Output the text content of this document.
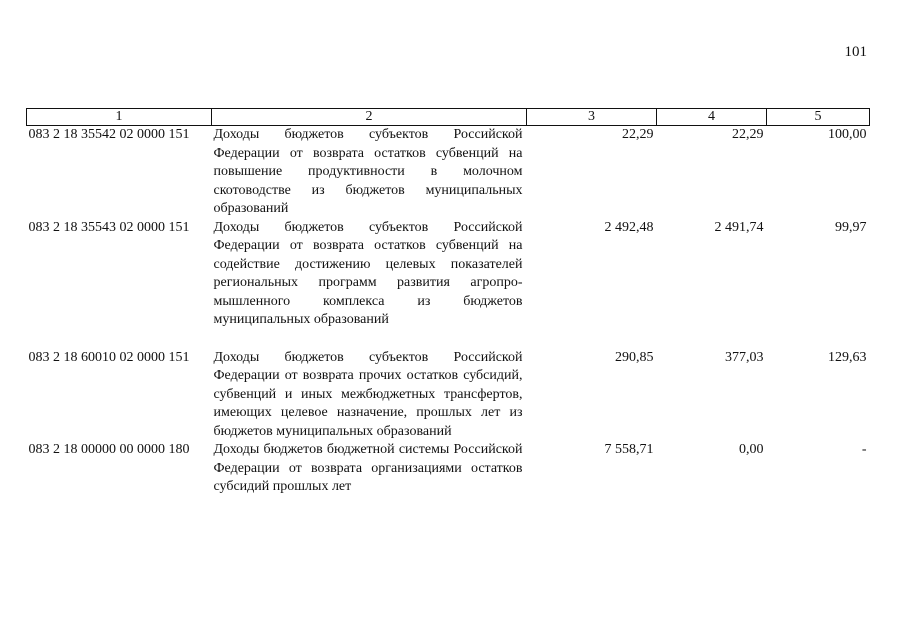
101
1	2	3	4	5
083 2 18 35542 02 0000 151	Доходы бюджетов субъектов Российской Федерации от возврата остатков субвенций на повышение продуктивности в молочном скотоводстве из бюджетов муниципальных образований	22,29	22,29	100,00
083 2 18 35543 02 0000 151	Доходы бюджетов субъектов Российской Федерации от возврата остатков субвенций на содействие достижению целевых показателей региональных программ развития агропромышленного комплекса из бюджетов муниципальных образований	2 492,48	2 491,74	99,97
083 2 18 60010 02 0000 151	Доходы бюджетов субъектов Российской Федерации от возврата прочих остатков субсидий, субвенций и иных межбюджетных трансфертов, имеющих целевое назначение, прошлых лет из бюджетов муниципальных образований	290,85	377,03	129,63
083 2 18 00000 00 0000 180	Доходы бюджетов бюджетной системы Российской Федерации от возврата организациями остатков субсидий прошлых лет	7 558,71	0,00	-
